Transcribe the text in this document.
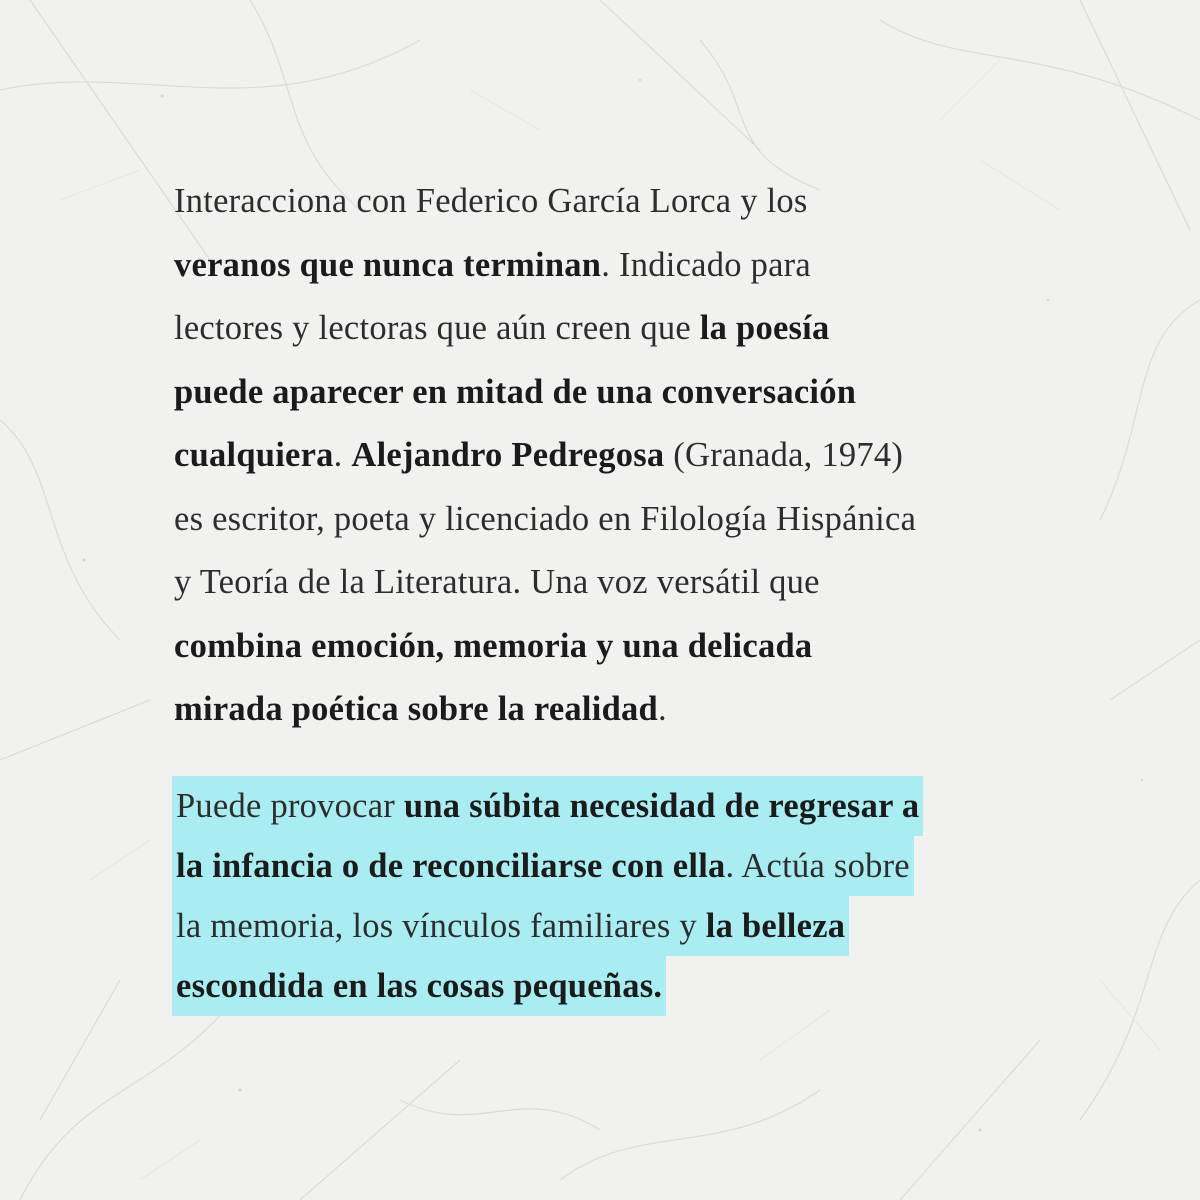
Interacciona con Federico García Lorca y los
veranos que nunca terminan. Indicado para
lectores y lectoras que aún creen que la poesía
puede aparecer en mitad de una conversación
cualquiera. Alejandro Pedregosa (Granada, 1974)
es escritor, poeta y licenciado en Filología Hispánica
y Teoría de la Literatura. Una voz versátil que
combina emoción, memoria y una delicada
mirada poética sobre la realidad.
Puede provocar una súbita necesidad de regresar a
la infancia o de reconciliarse con ella. Actúa sobre
la memoria, los vínculos familiares y la belleza
escondida en las cosas pequeñas.
